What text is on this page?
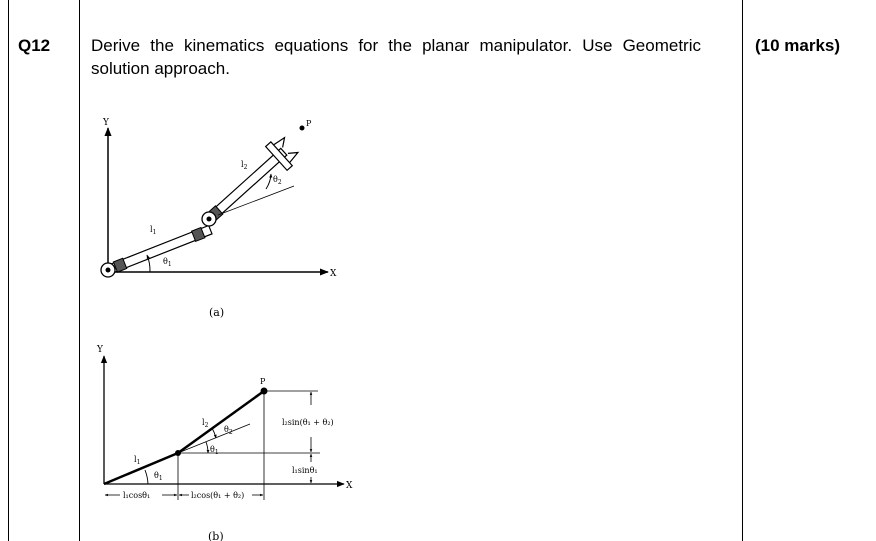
Q12 Derive the kinematics equations for the planar manipulator. Use Geometric solution approach.
(10 marks)
Y
X
P
$\theta_1$
$\theta_2$
$l_1$
$l_2$
(a)
Y
X
P
$l_1$
$l_2$
$\theta_1$
$\theta_1$
$\theta_2$
l₂sin(θ₁ + θ₂)
l₁sinθ₁
l₁cosθ₁	l₂cos(θ₁ + θ₂)
(b)
